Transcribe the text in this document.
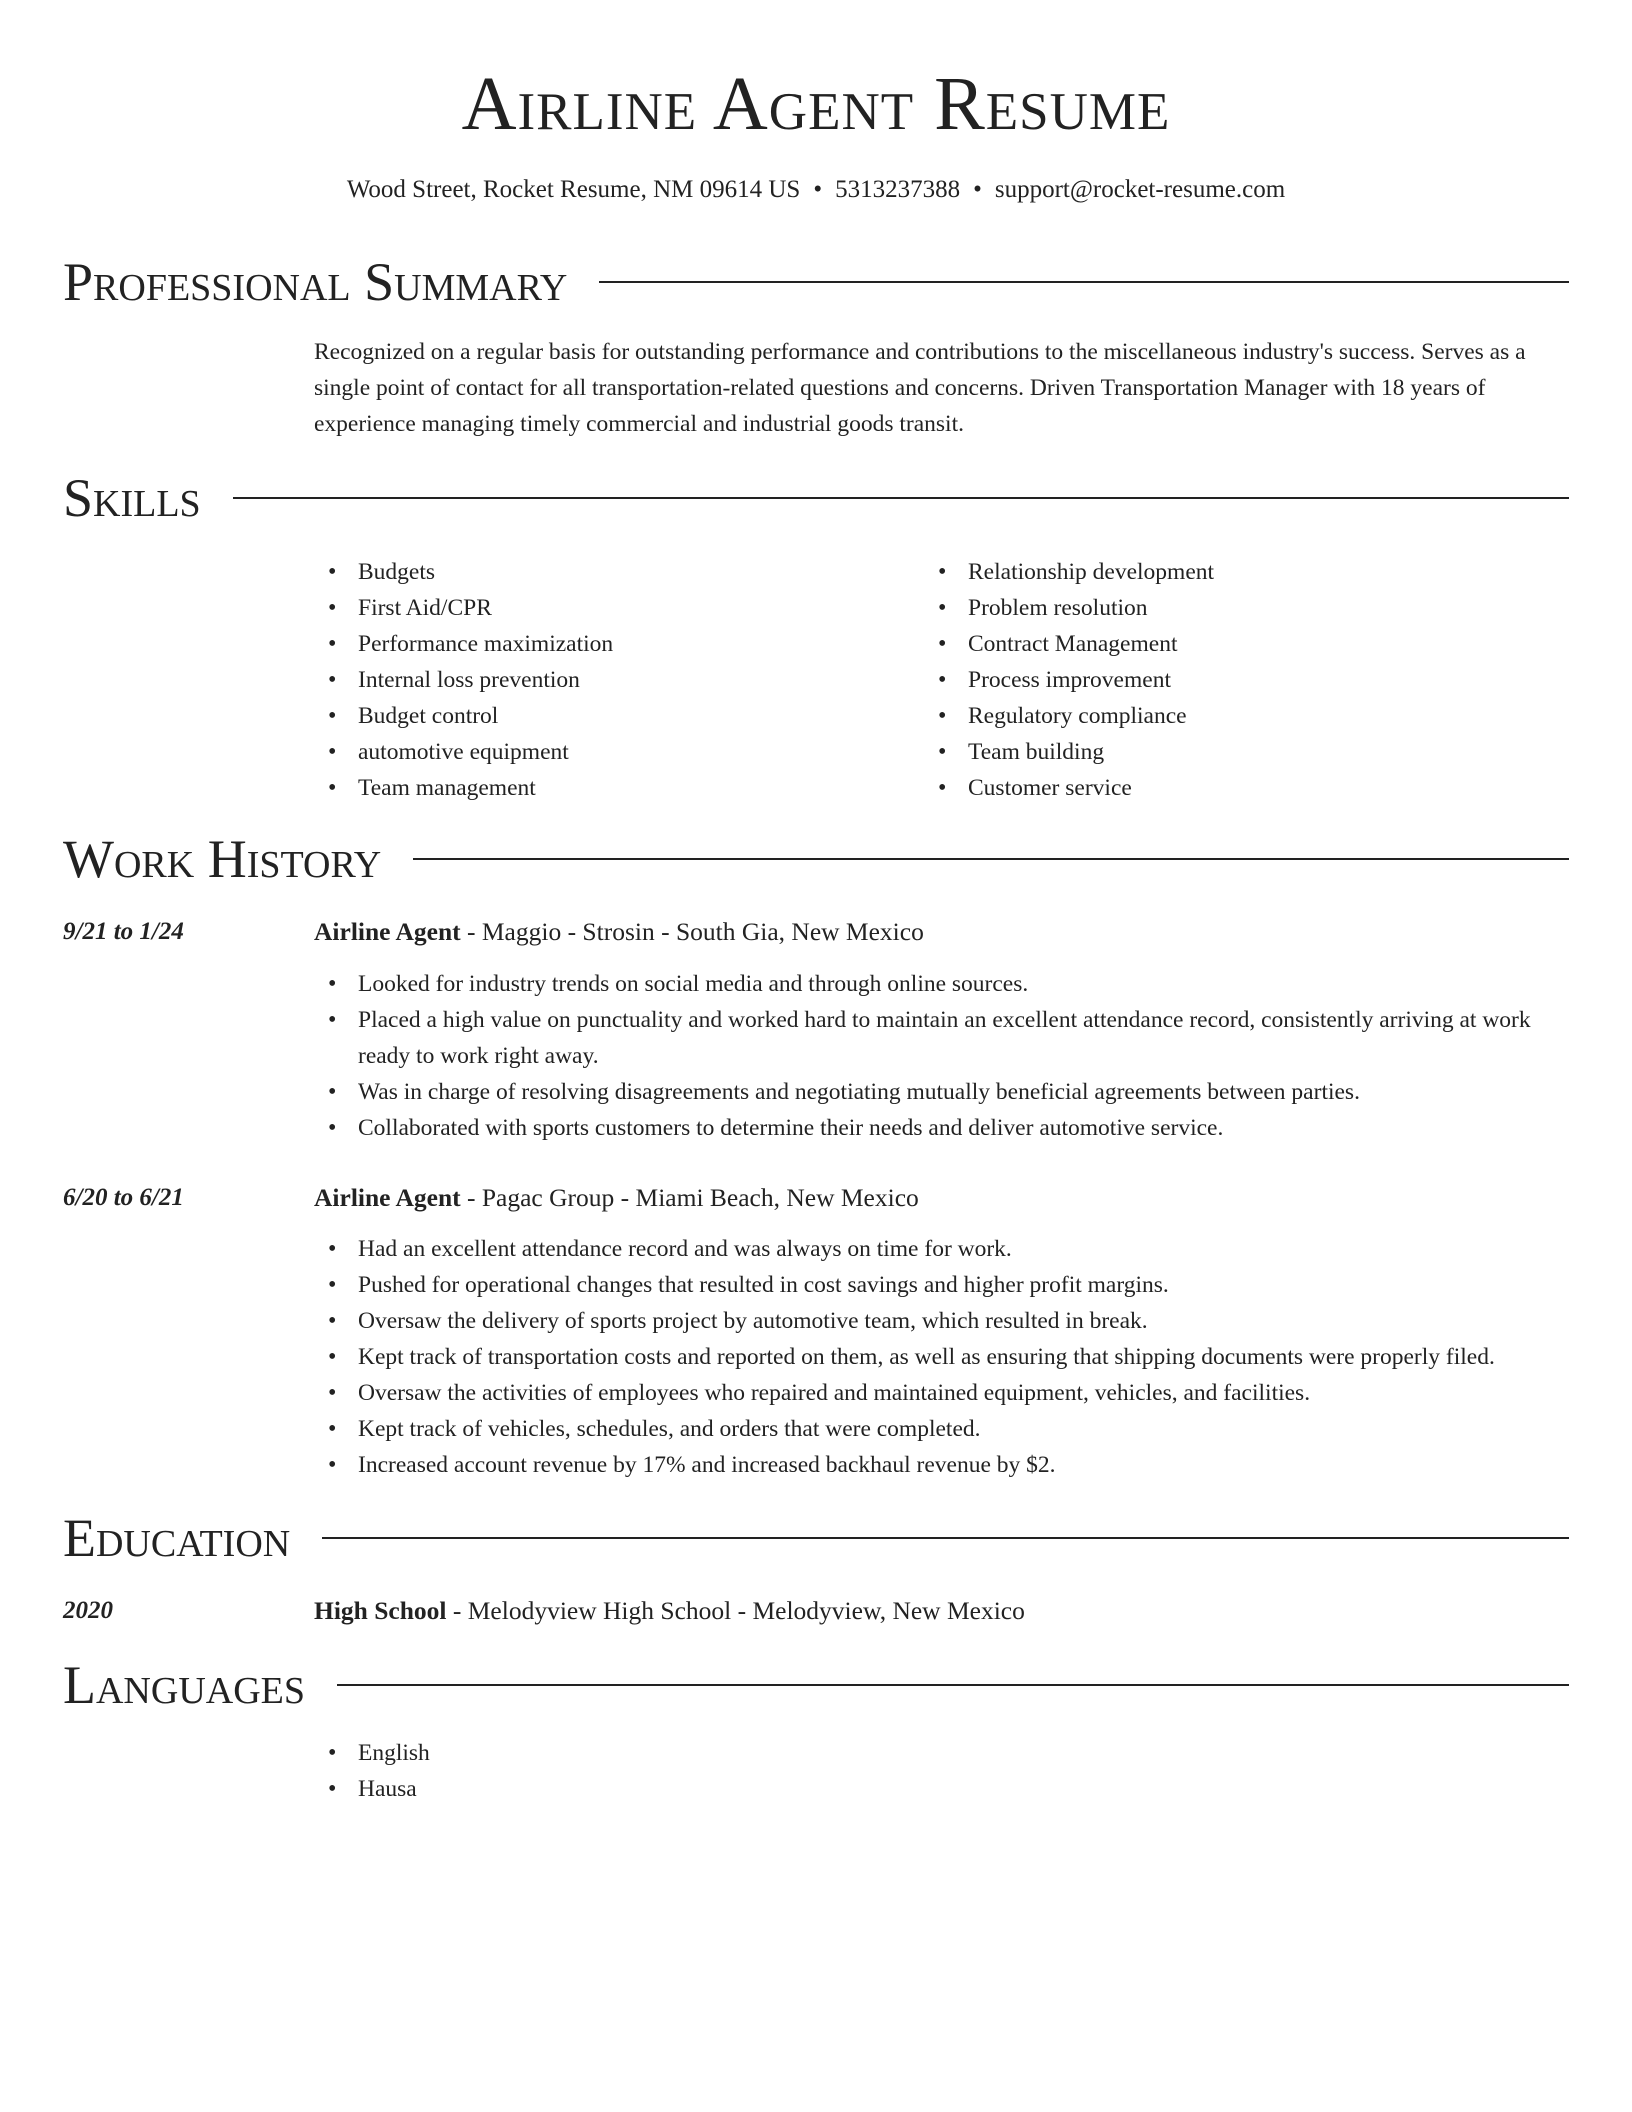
Airline Agent Resume
Wood Street, Rocket Resume, NM 09614 US • 5313237388 • support@rocket-resume.com
Professional Summary
Recognized on a regular basis for outstanding performance and contributions to the miscellaneous industry's success. Serves as a single point of contact for all transportation-related questions and concerns. Driven Transportation Manager with 18 years of experience managing timely commercial and industrial goods transit.
Skills
• Budgets
• First Aid/CPR
• Performance maximization
• Internal loss prevention
• Budget control
• automotive equipment
• Team management
• Relationship development
• Problem resolution
• Contract Management
• Process improvement
• Regulatory compliance
• Team building
• Customer service
Work History
9/21 to 1/24	Airline Agent - Maggio - Strosin - South Gia, New Mexico
• Looked for industry trends on social media and through online sources.
• Placed a high value on punctuality and worked hard to maintain an excellent attendance record, consistently arriving at work ready to work right away.
• Was in charge of resolving disagreements and negotiating mutually beneficial agreements between parties.
• Collaborated with sports customers to determine their needs and deliver automotive service.
6/20 to 6/21	Airline Agent - Pagac Group - Miami Beach, New Mexico
• Had an excellent attendance record and was always on time for work.
• Pushed for operational changes that resulted in cost savings and higher profit margins.
• Oversaw the delivery of sports project by automotive team, which resulted in break.
• Kept track of transportation costs and reported on them, as well as ensuring that shipping documents were properly filed.
• Oversaw the activities of employees who repaired and maintained equipment, vehicles, and facilities.
• Kept track of vehicles, schedules, and orders that were completed.
• Increased account revenue by 17% and increased backhaul revenue by $2.
Education
2020	High School - Melodyview High School - Melodyview, New Mexico
Languages
• English
• Hausa
